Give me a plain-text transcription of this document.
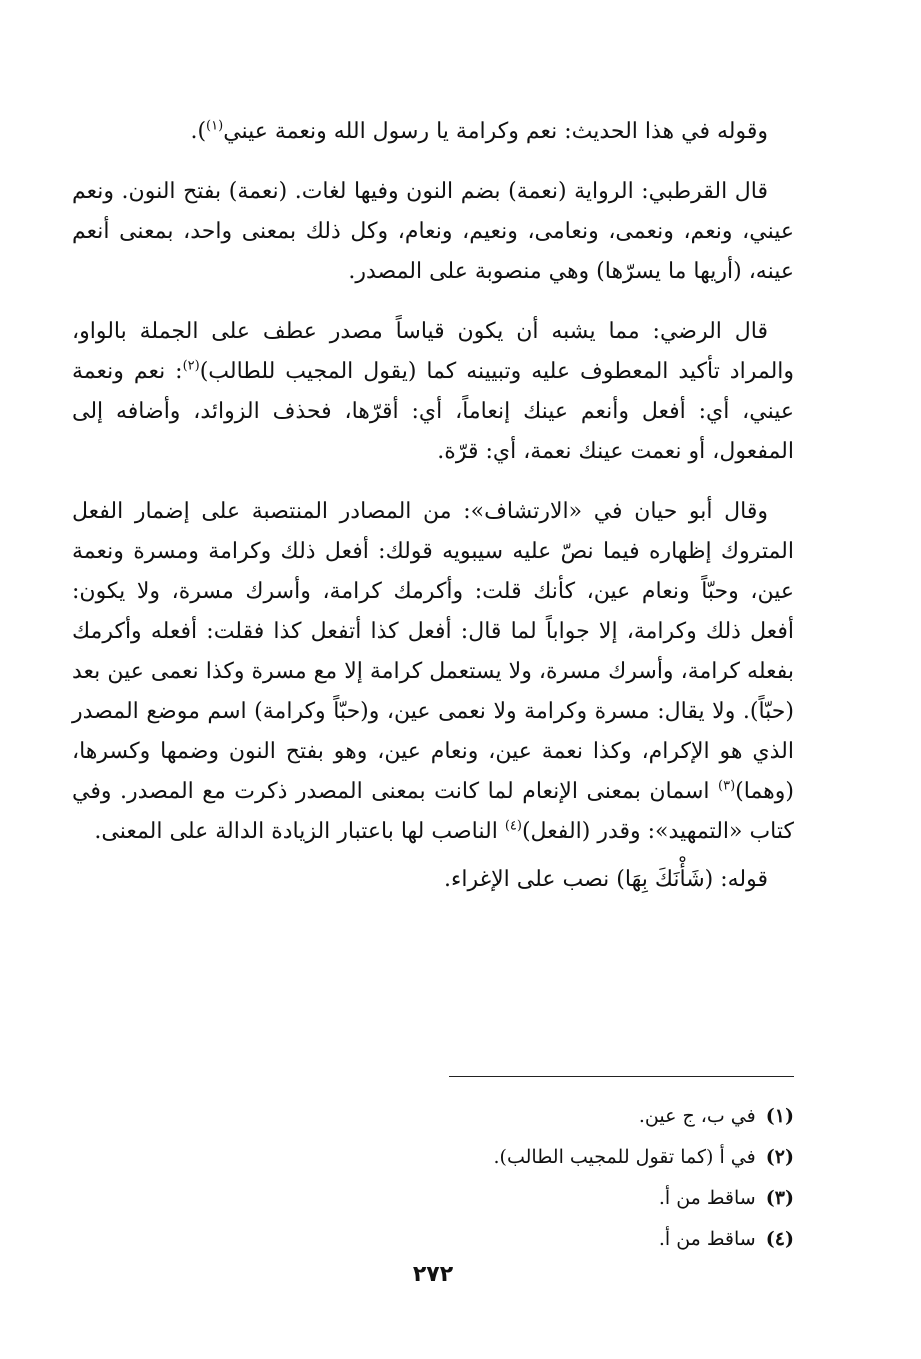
وقوله في هذا الحديث: نعم وكرامة يا رسول الله ونعمة عيني$^{(١)}$).

قال القرطبي: الرواية (نعمة) بضم النون وفيها لغات. (نعمة) بفتح النون. ونعم عيني، ونعم، ونعمى، ونعامى، ونعيم، ونعام، وكل ذلك بمعنى واحد، بمعنى أنعم عينه، (أريها ما يسرّها) وهي منصوبة على المصدر.

قال الرضي: مما يشبه أن يكون قياساً مصدر عطف على الجملة بالواو، والمراد تأكيد المعطوف عليه وتبيينه كما (يقول المجيب للطالب)$^{(٢)}$: نعم ونعمة عيني، أي: أفعل وأنعم عينك إنعاماً، أي: أقرّها، فحذف الزوائد، وأضافه إلى المفعول، أو نعمت عينك نعمة، أي: قرّة.

وقال أبو حيان في «الارتشاف»: من المصادر المنتصبة على إضمار الفعل المتروك إظهاره فيما نصّ عليه سيبويه قولك: أفعل ذلك وكرامة ومسرة ونعمة عين، وحبّاً ونعام عين، كأنك قلت: وأكرمك كرامة، وأسرك مسرة، ولا يكون: أفعل ذلك وكرامة، إلا جواباً لما قال: أفعل كذا أتفعل كذا فقلت: أفعله وأكرمك بفعله كرامة، وأسرك مسرة، ولا يستعمل كرامة إلا مع مسرة وكذا نعمى عين بعد (حبّاً). ولا يقال: مسرة وكرامة ولا نعمى عين، و(حبّاً وكرامة) اسم موضع المصدر الذي هو الإكرام، وكذا نعمة عين، ونعام عين، وهو بفتح النون وضمها وكسرها، (وهما)$^{(٣)}$ اسمان بمعنى الإنعام لما كانت بمعنى المصدر ذكرت مع المصدر. وفي كتاب «التمهيد»: وقدر (الفعل)$^{(٤)}$ الناصب لها باعتبار الزيادة الدالة على المعنى.

قوله: (شَأْنَكَ بِهَا) نصب على الإغراء.

(١) في ب، ج عين.
(٢) في أ (كما تقول للمجيب الطالب).
(٣) ساقط من أ.
(٤) ساقط من أ.
٢٧٢
